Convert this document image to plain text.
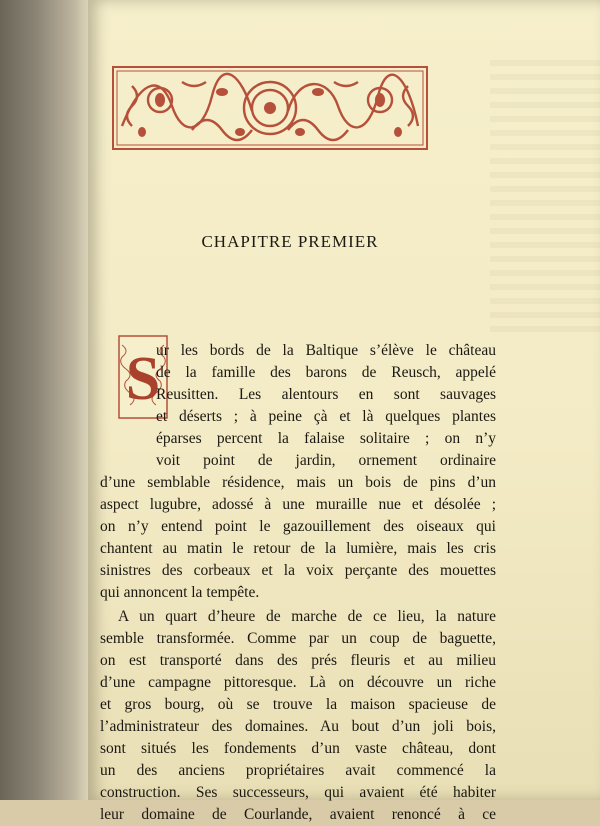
CHAPITRE PREMIER
S
ur les bords de la Baltique s’élève le château
de la famille des barons de Reusch, appelé
Reusitten. Les alentours en sont sauvages
et déserts ; à peine çà et là quelques plantes
éparses percent la falaise solitaire ; on n’y
voit point de jardin, ornement ordinaire
d’une semblable résidence, mais un bois de pins d’un
aspect lugubre, adossé à une muraille nue et désolée ;
on n’y entend point le gazouillement des oiseaux qui
chantent au matin le retour de la lumière, mais les cris
sinistres des corbeaux et la voix perçante des mouettes
qui annoncent la tempête.
A un quart d’heure de marche de ce lieu, la nature
semble transformée. Comme par un coup de baguette,
on est transporté dans des prés fleuris et au milieu
d’une campagne pittoresque. Là on découvre un riche
et gros bourg, où se trouve la maison spacieuse de
l’administrateur des domaines. Au bout d’un joli bois,
sont situés les fondements d’un vaste château, dont
un des anciens propriétaires avait commencé la
construction. Ses successeurs, qui avaient été habiter
leur domaine de Courlande, avaient renoncé à ce
